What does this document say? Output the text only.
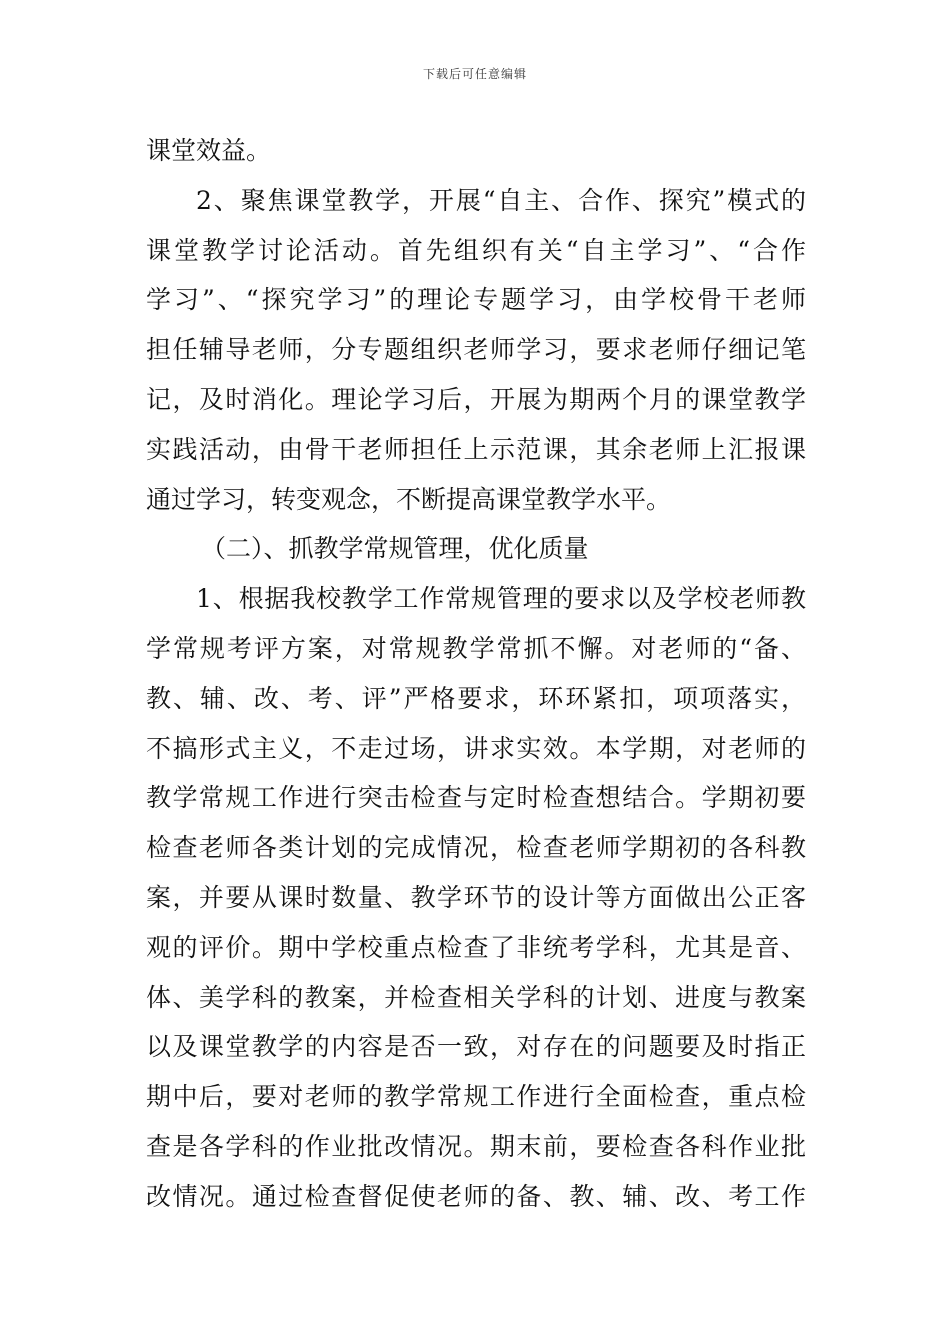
下载后可任意编辑
课堂效益。
2、聚焦课堂教学，开展“自主、合作、探究”模式的
课堂教学讨论活动。首先组织有关“自主学习”、“合作
学习”、“探究学习”的理论专题学习，由学校骨干老师
担任辅导老师，分专题组织老师学习，要求老师仔细记笔
记，及时消化。理论学习后，开展为期两个月的课堂教学
实践活动，由骨干老师担任上示范课，其余老师上汇报课
通过学习，转变观念，不断提高课堂教学水平。
（二）、抓教学常规管理，优化质量
1、根据我校教学工作常规管理的要求以及学校老师教
学常规考评方案，对常规教学常抓不懈。对老师的“备、
教、辅、改、考、评”严格要求，环环紧扣，项项落实，
不搞形式主义，不走过场，讲求实效。本学期，对老师的
教学常规工作进行突击检查与定时检查想结合。学期初要
检查老师各类计划的完成情况，检查老师学期初的各科教
案，并要从课时数量、教学环节的设计等方面做出公正客
观的评价。期中学校重点检查了非统考学科，尤其是音、
体、美学科的教案，并检查相关学科的计划、进度与教案
以及课堂教学的内容是否一致，对存在的问题要及时指正
期中后，要对老师的教学常规工作进行全面检查，重点检
查是各学科的作业批改情况。期末前，要检查各科作业批
改情况。通过检查督促使老师的备、教、辅、改、考工作
